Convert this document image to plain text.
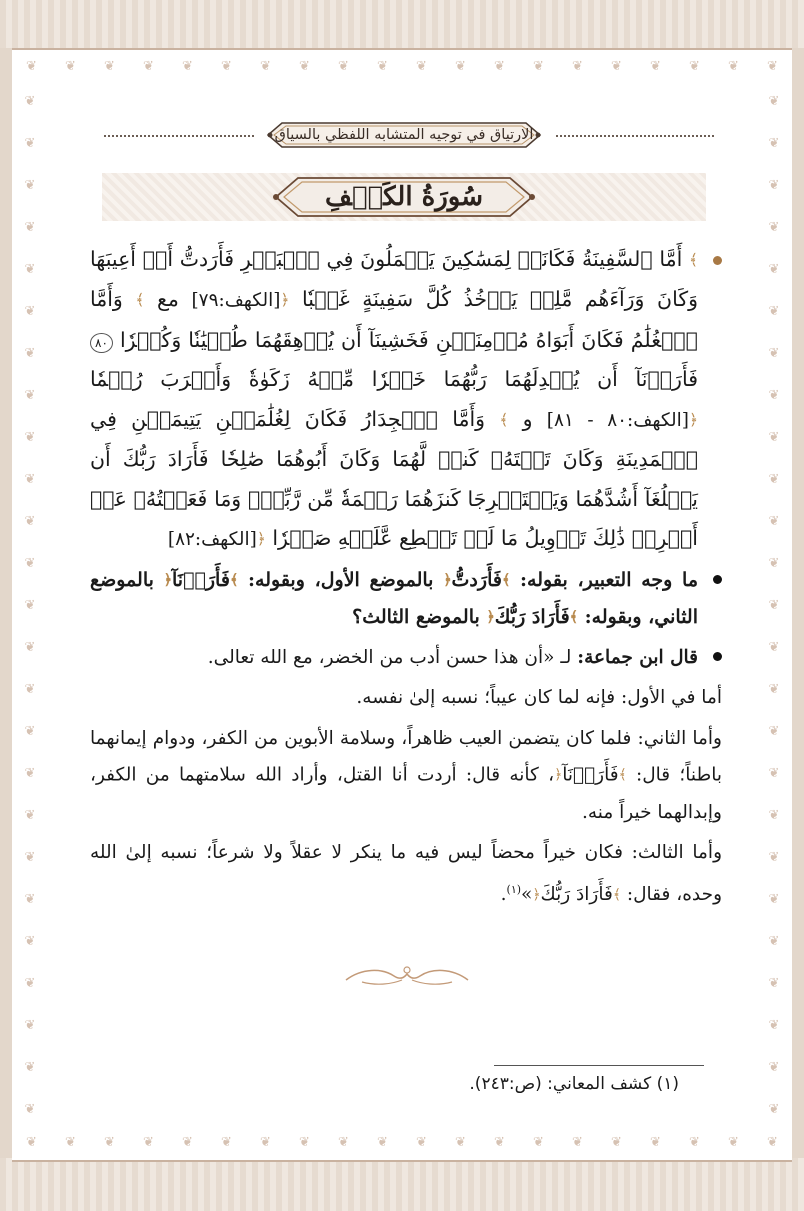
❦ ❦ ❦ ❦ ❦ ❦ ❦ ❦ ❦ ❦ ❦ ❦ ❦ ❦ ❦ ❦ ❦ ❦ ❦ ❦
❦ ❦ ❦ ❦ ❦ ❦ ❦ ❦ ❦ ❦ ❦ ❦ ❦ ❦ ❦ ❦ ❦ ❦ ❦ ❦
❦
❦
❦
❦
❦
❦
❦
❦
❦
❦
❦
❦
❦
❦
❦
❦
❦
❦
❦
❦
❦
❦
❦
❦
❦
❦
❦
❦
❦
❦
❦
❦
❦
❦
❦
❦
❦
❦
❦
❦
❦
❦
❦
❦
❦
❦
❦
❦
❦
❦
الارتياق في توجيه المتشابه اللفظي بالسياق
سُورَةُ الكَهۡفِ

﴾ أَمَّا ٱلسَّفِينَةُ فَكَانَتۡ لِمَسَٰكِينَ يَعۡمَلُونَ فِي ٱلۡبَحۡرِ فَأَرَدتُّ أَنۡ أَعِيبَهَا وَكَانَ وَرَآءَهُم مَّلِكٞ يَأۡخُذُ كُلَّ سَفِينَةٍ غَصۡبٗا ﴿[الكهف:٧٩] مع ﴾ وَأَمَّا ٱلۡغُلَٰمُ فَكَانَ أَبَوَاهُ مُؤۡمِنَيۡنِ فَخَشِينَآ أَن يُرۡهِقَهُمَا طُغۡيَٰنٗا وَكُفۡرٗا ٨٠ فَأَرَدۡنَآ أَن يُبۡدِلَهُمَا رَبُّهُمَا خَيۡرٗا مِّنۡهُ زَكَوٰةٗ وَأَقۡرَبَ رُحۡمٗا ﴿[الكهف:٨٠ - ٨١] و ﴾ وَأَمَّا ٱلۡجِدَارُ فَكَانَ لِغُلَٰمَيۡنِ يَتِيمَيۡنِ فِي ٱلۡمَدِينَةِ وَكَانَ تَحۡتَهُۥ كَنزٞ لَّهُمَا وَكَانَ أَبُوهُمَا صَٰلِحٗا فَأَرَادَ رَبُّكَ أَن يَبۡلُغَآ أَشُدَّهُمَا وَيَسۡتَخۡرِجَا كَنزَهُمَا رَحۡمَةٗ مِّن رَّبِّكَۚ وَمَا فَعَلۡتُهُۥ عَنۡ أَمۡرِيۚ ذَٰلِكَ تَأۡوِيلُ مَا لَمۡ تَسۡطِع عَّلَيۡهِ صَبۡرٗا ﴿[الكهف:٨٢]

ما وجه التعبير، بقوله: ﴾فَأَرَدتُّ﴿ بالموضع الأول، وبقوله: ﴾فَأَرَدۡنَآ﴿ بالموضع الثاني، وبقوله: ﴾فَأَرَادَ رَبُّكَ﴿ بالموضع الثالث؟

قال ابن جماعة: لـ «أن هذا حسن أدب من الخضر، مع الله تعالى.

أما في الأول: فإنه لما كان عيباً؛ نسبه إلىٰ نفسه.

وأما الثاني: فلما كان يتضمن العيب ظاهراً، وسلامة الأبوين من الكفر، ودوام إيمانهما باطناً؛ قال: ﴾فَأَرَدۡنَآ﴿، كأنه قال: أردت أنا القتل، وأراد الله سلامتهما من الكفر، وإبدالهما خيراً منه.

وأما الثالث: فكان خيراً محضاً ليس فيه ما ينكر لا عقلاً ولا شرعاً؛ نسبه إلىٰ الله وحده، فقال: ﴾فَأَرَادَ رَبُّكَ﴿»$^{(١)}$.

(١) كشف المعاني: (ص:٢٤٣).
